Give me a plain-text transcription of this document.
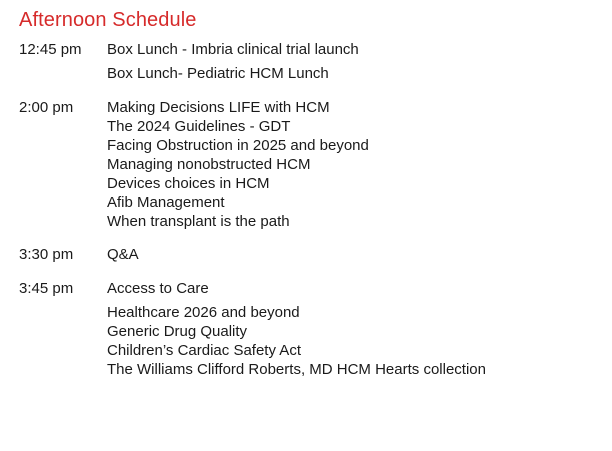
Afternoon Schedule
12:45 pm Box Lunch - Imbria clinical trial launch
Box Lunch- Pediatric HCM Lunch
2:00 pm Making Decisions LIFE with HCM
The 2024 Guidelines - GDT
Facing Obstruction in 2025 and beyond
Managing nonobstructed HCM
Devices choices in HCM
Afib Management
When transplant is the path
3:30 pm Q&A
3:45 pm Access to Care
Healthcare 2026 and beyond
Generic Drug Quality
Children’s Cardiac Safety Act
The Williams Clifford Roberts, MD HCM Hearts collection
